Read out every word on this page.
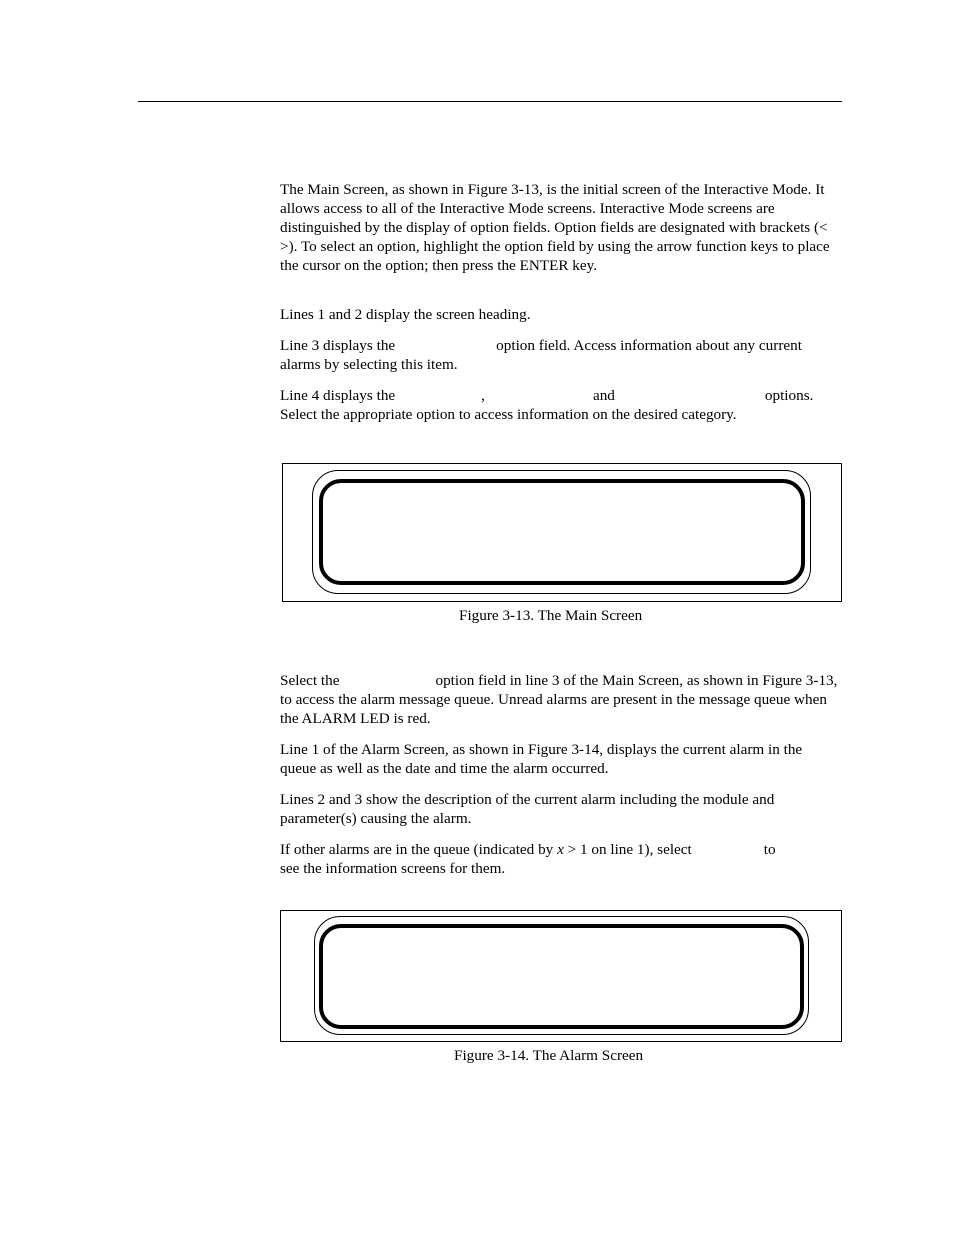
The Main Screen, as shown in Figure 3-13, is the initial screen of the Interactive Mode. It allows access to all of the Interactive Mode screens. Interactive Mode screens are distinguished by the display of option fields. Option fields are designated with brackets (< >). To select an option, highlight the option field by using the arrow function keys to place the cursor on the option; then press the ENTER key.

Lines 1 and 2 display the screen heading.

Line 3 displays the	option field. Access information about any current alarms by selecting this item.

Line 4 displays the	,	and	options. Select the appropriate option to access information on the desired category.

Figure 3-13. The Main Screen

Select the	option field in line 3 of the Main Screen, as shown in Figure 3-13, to access the alarm message queue. Unread alarms are present in the message queue when the ALARM LED is red.

Line 1 of the Alarm Screen, as shown in Figure 3-14, displays the current alarm in the queue as well as the date and time the alarm occurred.

Lines 2 and 3 show the description of the current alarm including the module and parameter(s) causing the alarm.

If other alarms are in the queue (indicated by x > 1 on line 1), select	to
see the information screens for them.

Figure 3-14. The Alarm Screen
